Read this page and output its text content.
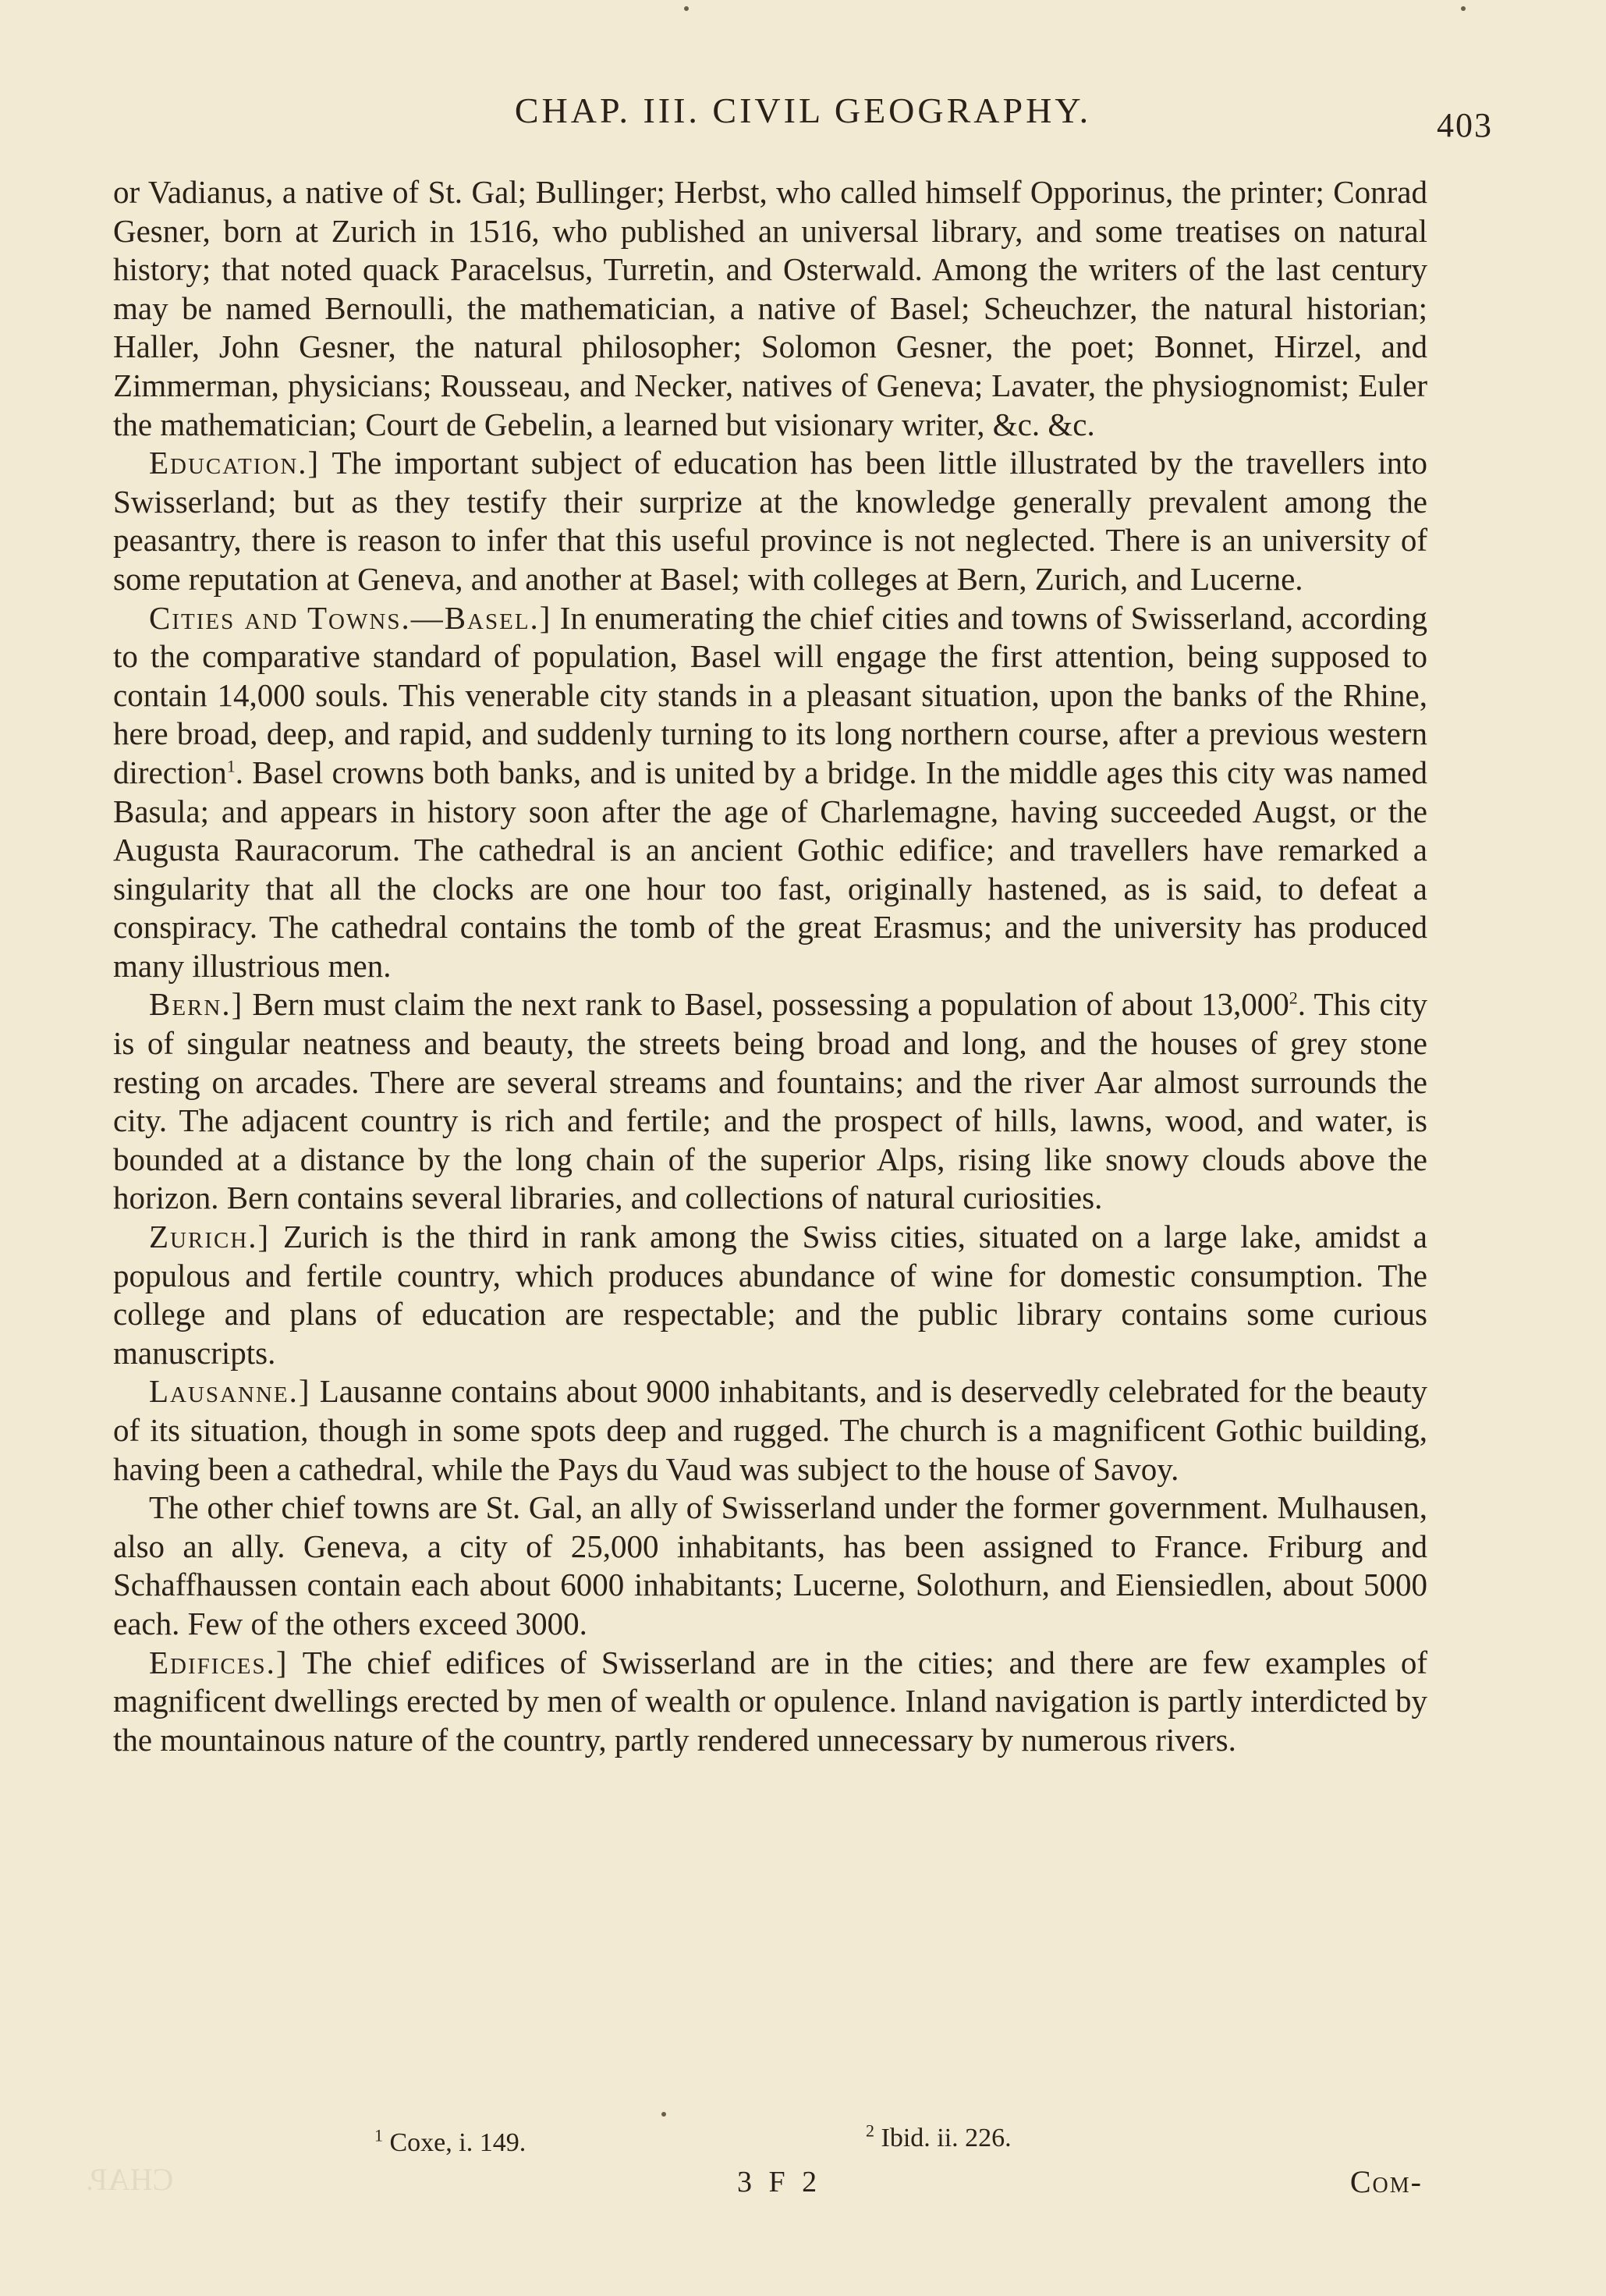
CHAP. III. CIVIL GEOGRAPHY.	403

or Vadianus, a native of St. Gal; Bullinger; Herbst, who called himself Opporinus, the printer; Conrad Gesner, born at Zurich in 1516, who published an universal library, and some treatises on natural history; that noted quack Paracelsus, Turretin, and Osterwald. Among the writers of the last century may be named Bernoulli, the mathematician, a native of Basel; Scheuchzer, the natural historian; Haller, John Gesner, the natural philosopher; Solomon Gesner, the poet; Bonnet, Hirzel, and Zimmerman, physicians; Rousseau, and Necker, natives of Geneva; Lavater, the physiognomist; Euler the mathematician; Court de Gebelin, a learned but visionary writer, &c. &c.

Education.] The important subject of education has been little illustrated by the travellers into Swisserland; but as they testify their surprize at the knowledge generally prevalent among the peasantry, there is reason to infer that this useful province is not neglected. There is an university of some reputation at Geneva, and another at Basel; with colleges at Bern, Zurich, and Lucerne.

Cities and Towns.—Basel.] In enumerating the chief cities and towns of Swisserland, according to the comparative standard of population, Basel will engage the first attention, being supposed to contain 14,000 souls. This venerable city stands in a pleasant situation, upon the banks of the Rhine, here broad, deep, and rapid, and suddenly turning to its long northern course, after a previous western direction$^1$. Basel crowns both banks, and is united by a bridge. In the middle ages this city was named Basula; and appears in history soon after the age of Charlemagne, having succeeded Augst, or the Augusta Rauracorum. The cathedral is an ancient Gothic edifice; and travellers have remarked a singularity that all the clocks are one hour too fast, originally hastened, as is said, to defeat a conspiracy. The cathedral contains the tomb of the great Erasmus; and the university has produced many illustrious men.

Bern.] Bern must claim the next rank to Basel, possessing a population of about 13,000$^2$. This city is of singular neatness and beauty, the streets being broad and long, and the houses of grey stone resting on arcades. There are several streams and fountains; and the river Aar almost surrounds the city. The adjacent country is rich and fertile; and the prospect of hills, lawns, wood, and water, is bounded at a distance by the long chain of the superior Alps, rising like snowy clouds above the horizon. Bern contains several libraries, and collections of natural curiosities.

Zurich.] Zurich is the third in rank among the Swiss cities, situated on a large lake, amidst a populous and fertile country, which produces abundance of wine for domestic consumption. The college and plans of education are respectable; and the public library contains some curious manuscripts.

Lausanne.] Lausanne contains about 9000 inhabitants, and is deservedly celebrated for the beauty of its situation, though in some spots deep and rugged. The church is a magnificent Gothic building, having been a cathedral, while the Pays du Vaud was subject to the house of Savoy.

The other chief towns are St. Gal, an ally of Swisserland under the former government. Mulhausen, also an ally. Geneva, a city of 25,000 inhabitants, has been assigned to France. Friburg and Schaffhaussen contain each about 6000 inhabitants; Lucerne, Solothurn, and Eiensiedlen, about 5000 each. Few of the others exceed 3000.

Edifices.] The chief edifices of Swisserland are in the cities; and there are few examples of magnificent dwellings erected by men of wealth or opulence. Inland navigation is partly interdicted by the mountainous nature of the country, partly rendered unnecessary by numerous rivers.

$^1$ Coxe, i. 149.	$^2$ Ibid. ii. 226.
CHAP.	3 F 2	Com-
